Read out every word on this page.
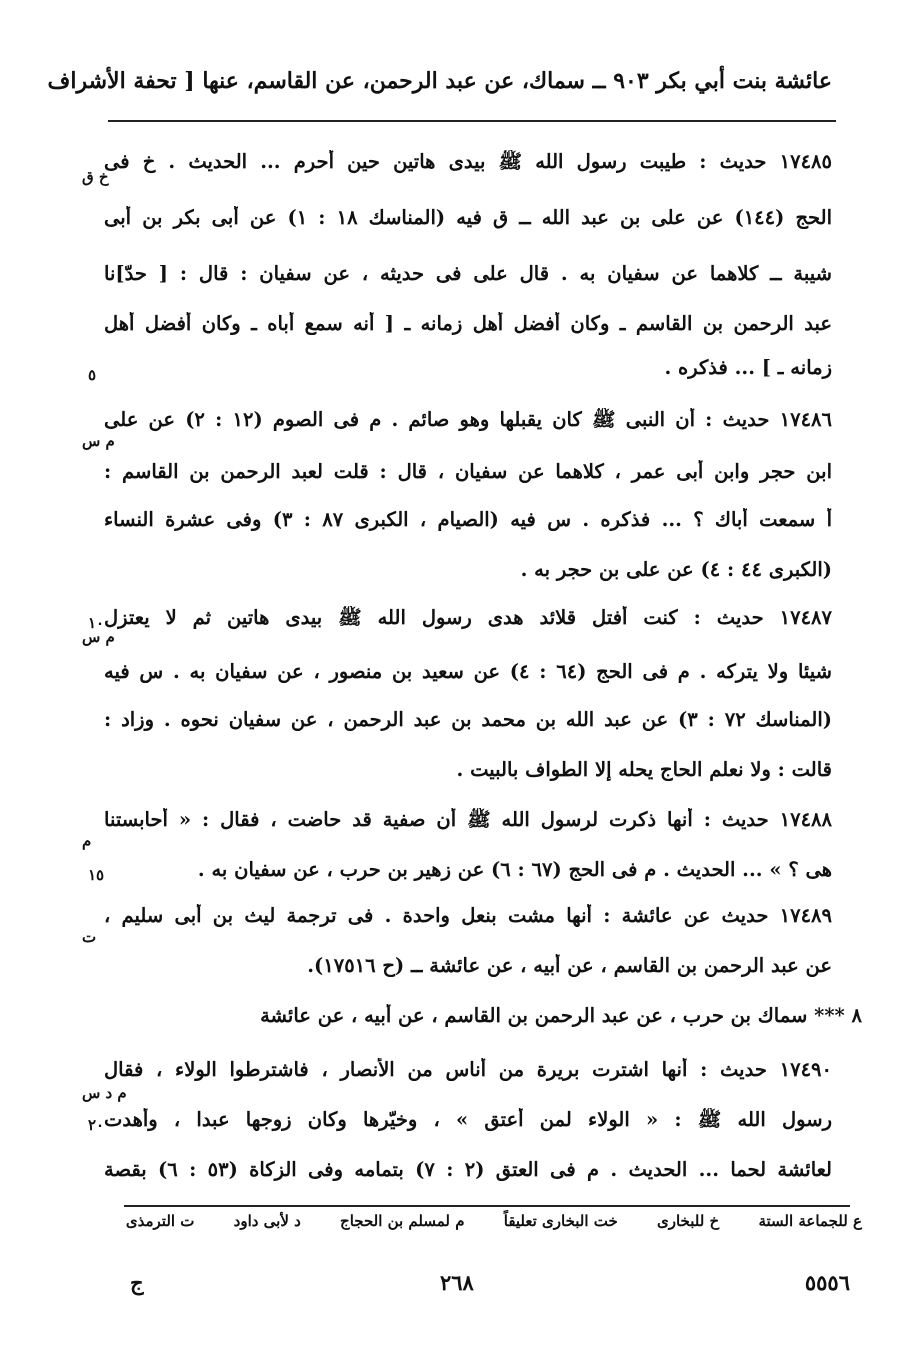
عائشة بنت أبي بكر ٩٠٣ ــ سماك، عن عبد الرحمن، عن القاسم، عنها [ تحفة الأشراف
١٧٤٨٥ حديث : طيبت رسول الله ﷺ بيدى هاتين حين أحرم ... الحديث . خ فى
الحج (١٤٤) عن على بن عبد الله ــ ق فيه (المناسك ١٨ : ١) عن أبى بكر بن أبى
شيبة ــ كلاهما عن سفيان به . قال على فى حديثه ، عن سفيان : قال : [ حدّ]نا
عبد الرحمن بن القاسم ـ وكان أفضل أهل زمانه ـ [ أنه سمع أباه ـ وكان أفضل أهل
زمانه ـ ] ... فذكره .
١٧٤٨٦ حديث : أن النبى ﷺ كان يقبلها وهو صائم . م فى الصوم (١٢ : ٢) عن على
ابن حجر وابن أبى عمر ، كلاهما عن سفيان ، قال : قلت لعبد الرحمن بن القاسم :
أ سمعت أباك ؟ ... فذكره . س فيه (الصيام ، الكبرى ٨٧ : ٣) وفى عشرة النساء
(الكبرى ٤٤ : ٤) عن على بن حجر به .
١٧٤٨٧ حديث : كنت أفتل قلائد هدى رسول الله ﷺ بيدى هاتين ثم لا يعتزل
شيئا ولا يتركه . م فى الحج (٦٤ : ٤) عن سعيد بن منصور ، عن سفيان به . س فيه
(المناسك ٧٢ : ٣) عن عبد الله بن محمد بن عبد الرحمن ، عن سفيان نحوه . وزاد :
قالت : ولا نعلم الحاج يحله إلا الطواف بالبيت .
١٧٤٨٨ حديث : أنها ذكرت لرسول الله ﷺ أن صفية قد حاضت ، فقال : « أحابستنا
هى ؟ » ... الحديث . م فى الحج (٦٧ : ٦) عن زهير بن حرب ، عن سفيان به .
١٧٤٨٩ حديث عن عائشة : أنها مشت بنعل واحدة . فى ترجمة ليث بن أبى سليم ،
عن عبد الرحمن بن القاسم ، عن أبيه ، عن عائشة ــ (ح ١٧٥١٦).
٨ *** سماك بن حرب ، عن عبد الرحمن بن القاسم ، عن أبيه ، عن عائشة
١٧٤٩٠ حديث : أنها اشترت بريرة من أناس من الأنصار ، فاشترطوا الولاء ، فقال
رسول الله ﷺ : « الولاء لمن أعتق » ، وخيّرها وكان زوجها عبدا ، وأهدت
لعائشة لحما ... الحديث . م فى العتق (٢ : ٧) بتمامه وفى الزكاة (٥٣ : ٦) بقصة
خ ق
م س
م س
م
ت
م د س
٥
١٠
١٥
٢٠
ع للجماعة الستة خ للبخارى خت البخارى تعليقاً م لمسلم بن الحجاج د لأبى داود ت الترمذى
٥٥٥٦
٢٦٨
ج
